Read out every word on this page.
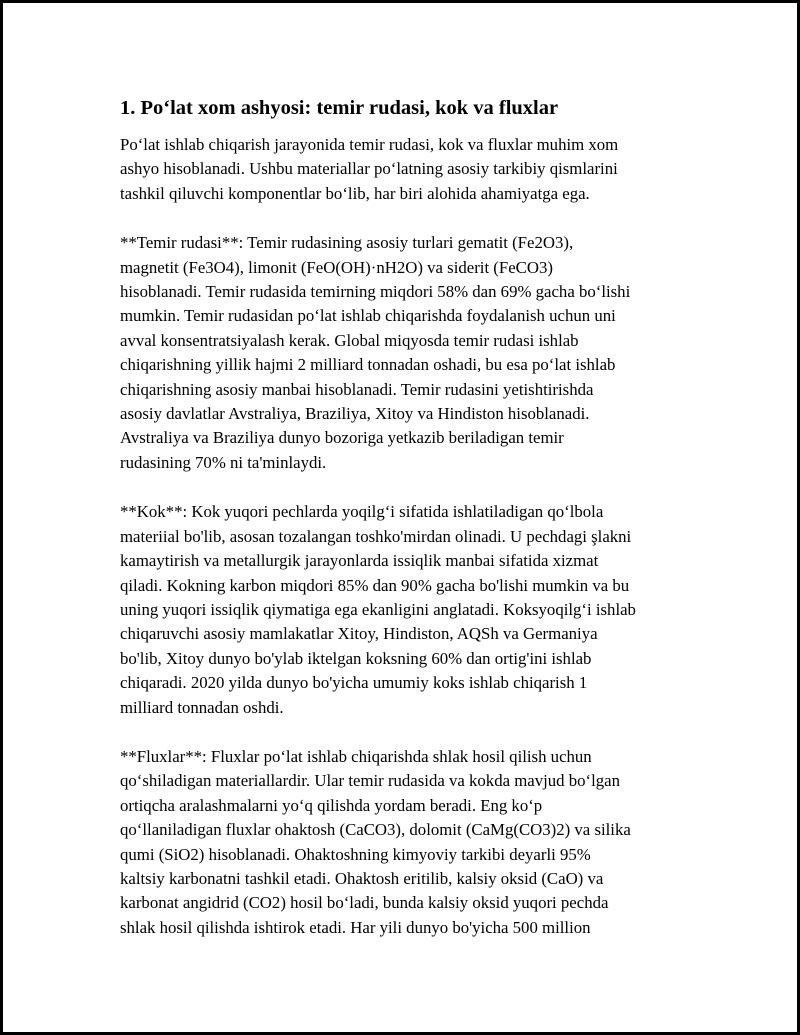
1. Po‘lat xom ashyosi: temir rudasi, kok va fluxlar

Po‘lat ishlab chiqarish jarayonida temir rudasi, kok va fluxlar muhim xom
ashyo hisoblanadi. Ushbu materiallar po‘latning asosiy tarkibiy qismlarini
tashkil qiluvchi komponentlar bo‘lib, har biri alohida ahamiyatga ega.

**Temir rudasi**: Temir rudasining asosiy turlari gematit (Fe2O3),
magnetit (Fe3O4), limonit (FeO(OH)·nH2O) va siderit (FeCO3)
hisoblanadi. Temir rudasida temirning miqdori 58% dan 69% gacha bo‘lishi
mumkin. Temir rudasidan po‘lat ishlab chiqarishda foydalanish uchun uni
avval konsentratsiyalash kerak. Global miqyosda temir rudasi ishlab
chiqarishning yillik hajmi 2 milliard tonnadan oshadi, bu esa po‘lat ishlab
chiqarishning asosiy manbai hisoblanadi. Temir rudasini yetishtirishda
asosiy davlatlar Avstraliya, Braziliya, Xitoy va Hindiston hisoblanadi.
Avstraliya va Braziliya dunyo bozoriga yetkazib beriladigan temir
rudasining 70% ni ta'minlaydi.

**Kok**: Kok yuqori pechlarda yoqilg‘i sifatida ishlatiladigan qo‘lbola
materiial bo'lib, asosan tozalangan toshko'mirdan olinadi. U pechdagi şlakni
kamaytirish va metallurgik jarayonlarda issiqlik manbai sifatida xizmat
qiladi. Kokning karbon miqdori 85% dan 90% gacha bo'lishi mumkin va bu
uning yuqori issiqlik qiymatiga ega ekanligini anglatadi. Koksyoqilg‘i ishlab
chiqaruvchi asosiy mamlakatlar Xitoy, Hindiston, AQSh va Germaniya
bo'lib, Xitoy dunyo bo'ylab iktelgan koksning 60% dan ortig'ini ishlab
chiqaradi. 2020 yilda dunyo bo'yicha umumiy koks ishlab chiqarish 1
milliard tonnadan oshdi.

**Fluxlar**: Fluxlar po‘lat ishlab chiqarishda shlak hosil qilish uchun
qo‘shiladigan materiallardir. Ular temir rudasida va kokda mavjud bo‘lgan
ortiqcha aralashmalarni yo‘q qilishda yordam beradi. Eng ko‘p
qo‘llaniladigan fluxlar ohaktosh (CaCO3), dolomit (CaMg(CO3)2) va silika
qumi (SiO2) hisoblanadi. Ohaktoshning kimyoviy tarkibi deyarli 95%
kaltsiy karbonatni tashkil etadi. Ohaktosh eritilib, kalsiy oksid (CaO) va
karbonat angidrid (CO2) hosil bo‘ladi, bunda kalsiy oksid yuqori pechda
shlak hosil qilishda ishtirok etadi. Har yili dunyo bo'yicha 500 million
